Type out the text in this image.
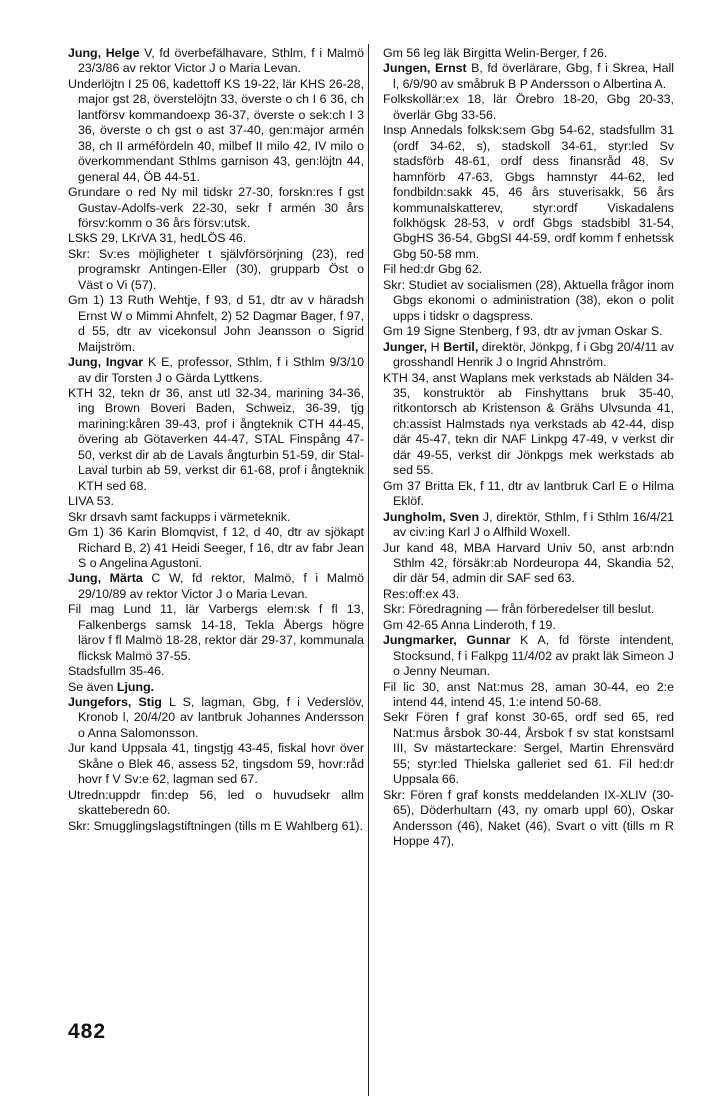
Jung, Helge V, fd överbefälhavare, Sthlm, f i Malmö 23/3/86 av rektor Victor J o Maria Levan.

Underlöjtn I 25 06, kadettoff KS 19-22, lär KHS 26-28, major gst 28, överstelöjtn 33, överste o ch I 6 36, ch lantförsv kommandoexp 36-37, överste o sek:ch I 3 36, överste o ch gst o ast 37-40, gen:major armén 38, ch II arméfördeln 40, milbef II milo 42, IV milo o överkommendant Sthlms garnison 43, gen:löjtn 44, general 44, ÖB 44-51.

Grundare o red Ny mil tidskr 27-30, forskn:res f gst Gustav-Adolfs-verk 22-30, sekr f armén 30 års försv:komm o 36 års försv:utsk.

LSkS 29, LKrVA 31, hedLÖS 46.

Skr: Sv:es möjligheter t självförsörjning (23), red programskr Antingen-Eller (30), grupparb Öst o Väst o Vi (57).

Gm 1) 13 Ruth Wehtje, f 93, d 51, dtr av v häradsh Ernst W o Mimmi Ahnfelt, 2) 52 Dagmar Bager, f 97, d 55, dtr av vicekonsul John Jeansson o Sigrid Maijström.

Jung, Ingvar K E, professor, Sthlm, f i Sthlm 9/3/10 av dir Torsten J o Gärda Lyttkens.

KTH 32, tekn dr 36, anst utl 32-34, marining 34-36, ing Brown Boveri Baden, Schweiz, 36-39, tjg marining:kåren 39-43, prof i ångteknik CTH 44-45, övering ab Götaverken 44-47, STAL Finspång 47-50, verkst dir ab de Lavals ångturbin 51-59, dir Stal-Laval turbin ab 59, verkst dir 61-68, prof i ångteknik KTH sed 68.

LIVA 53.

Skr drsavh samt fackupps i värmeteknik.

Gm 1) 36 Karin Blomqvist, f 12, d 40, dtr av sjökapt Richard B, 2) 41 Heidi Seeger, f 16, dtr av fabr Jean S o Angelina Agustoni.

Jung, Märta C W, fd rektor, Malmö, f i Malmö 29/10/89 av rektor Victor J o Maria Levan.

Fil mag Lund 11, lär Varbergs elem:sk f fl 13, Falkenbergs samsk 14-18, Tekla Åbergs högre lärov f fl Malmö 18-28, rektor där 29-37, kommunala flicksk Malmö 37-55.

Stadsfullm 35-46.

Se även Ljung.

Jungefors, Stig L S, lagman, Gbg, f i Vederslöv, Kronob l, 20/4/20 av lantbruk Johannes Andersson o Anna Salomonsson.

Jur kand Uppsala 41, tingstjg 43-45, fiskal hovr över Skåne o Blek 46, assess 52, tingsdom 59, hovr:råd hovr f V Sv:e 62, lagman sed 67.

Utredn:uppdr fin:dep 56, led o huvudsekr allm skatteberedn 60.

Skr: Smugglingslagstiftningen (tills m E Wahlberg 61).

Gm 56 leg läk Birgitta Welin-Berger, f 26.

Jungen, Ernst B, fd överlärare, Gbg, f i Skrea, Hall l, 6/9/90 av småbruk B P Andersson o Albertina A.

Folkskollär:ex 18, lär Örebro 18-20, Gbg 20-33, överlär Gbg 33-56.

Insp Annedals folksk:sem Gbg 54-62, stadsfullm 31 (ordf 34-62, s), stadskoll 34-61, styr:led Sv stadsförb 48-61, ordf dess finansråd 48, Sv hamnförb 47-63, Gbgs hamnstyr 44-62, led fondbildn:sakk 45, 46 års stuverisakk, 56 års kommunalskatterev, styr:ordf Viskadalens folkhögsk 28-53, v ordf Gbgs stadsbibl 31-54, GbgHS 36-54, GbgSI 44-59, ordf komm f enhetssk Gbg 50-58 mm.

Fil hed:dr Gbg 62.

Skr: Studiet av socialismen (28), Aktuella frågor inom Gbgs ekonomi o administration (38), ekon o polit upps i tidskr o dagspress.

Gm 19 Signe Stenberg, f 93, dtr av jvman Oskar S.

Junger, H Bertil, direktör, Jönkpg, f i Gbg 20/4/11 av grosshandl Henrik J o Ingrid Ahnström.

KTH 34, anst Waplans mek verkstads ab Nälden 34-35, konstruktör ab Finshyttans bruk 35-40, ritkontorsch ab Kristenson & Grähs Ulvsunda 41, ch:assist Halmstads nya verkstads ab 42-44, disp där 45-47, tekn dir NAF Linkpg 47-49, v verkst dir där 49-55, verkst dir Jönkpgs mek werkstads ab sed 55.

Gm 37 Britta Ek, f 11, dtr av lantbruk Carl E o Hilma Eklöf.

Jungholm, Sven J, direktör, Sthlm, f i Sthlm 16/4/21 av civ:ing Karl J o Alfhild Woxell.

Jur kand 48, MBA Harvard Univ 50, anst arb:ndn Sthlm 42, försäkr:ab Nordeuropa 44, Skandia 52, dir där 54, admin dir SAF sed 63.

Res:off:ex 43.

Skr: Föredragning — från förberedelser till beslut.

Gm 42-65 Anna Linderoth, f 19.

Jungmarker, Gunnar K A, fd förste intendent, Stocksund, f i Falkpg 11/4/02 av prakt läk Simeon J o Jenny Neuman.

Fil lic 30, anst Nat:mus 28, aman 30-44, eo 2:e intend 44, intend 45, 1:e intend 50-68.

Sekr Fören f graf konst 30-65, ordf sed 65, red Nat:mus årsbok 30-44, Årsbok f sv stat konstsaml III, Sv mästarteckare: Sergel, Martin Ehrensvärd 55; styr:led Thielska galleriet sed 61. Fil hed:dr Uppsala 66.

Skr: Fören f graf konsts meddelanden IX-XLIV (30-65), Döderhultarn (43, ny omarb uppl 60), Oskar Andersson (46), Naket (46), Svart o vitt (tills m R Hoppe 47),

482
